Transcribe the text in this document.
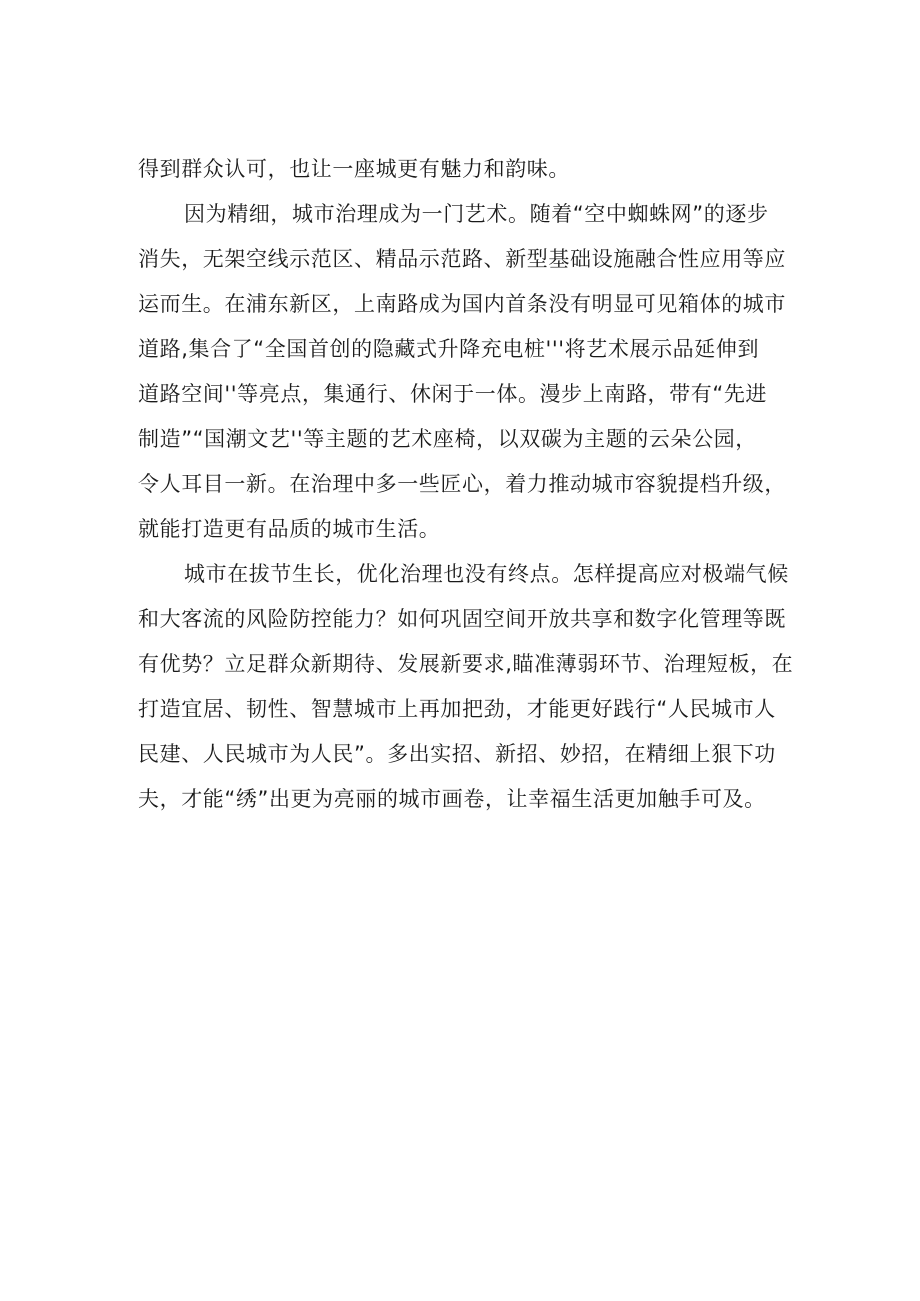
得到群众认可，也让一座城更有魅力和韵味。
因为精细，城市治理成为一门艺术。随着“空中蜘蛛网”的逐步
消失，无架空线示范区、精品示范路、新型基础设施融合性应用等应
运而生。在浦东新区，上南路成为国内首条没有明显可见箱体的城市
道路,集合了“全国首创的隐藏式升降充电桩'''将艺术展示品延伸到
道路空间''等亮点，集通行、休闲于一体。漫步上南路，带有“先进
制造”“国潮文艺''等主题的艺术座椅，以双碳为主题的云朵公园，
令人耳目一新。在治理中多一些匠心，着力推动城市容貌提档升级，
就能打造更有品质的城市生活。
城市在拔节生长，优化治理也没有终点。怎样提高应对极端气候
和大客流的风险防控能力？如何巩固空间开放共享和数字化管理等既
有优势？立足群众新期待、发展新要求,瞄准薄弱环节、治理短板，在
打造宜居、韧性、智慧城市上再加把劲，才能更好践行“人民城市人
民建、人民城市为人民”。多出实招、新招、妙招，在精细上狠下功
夫，才能“绣”出更为亮丽的城市画卷，让幸福生活更加触手可及。
